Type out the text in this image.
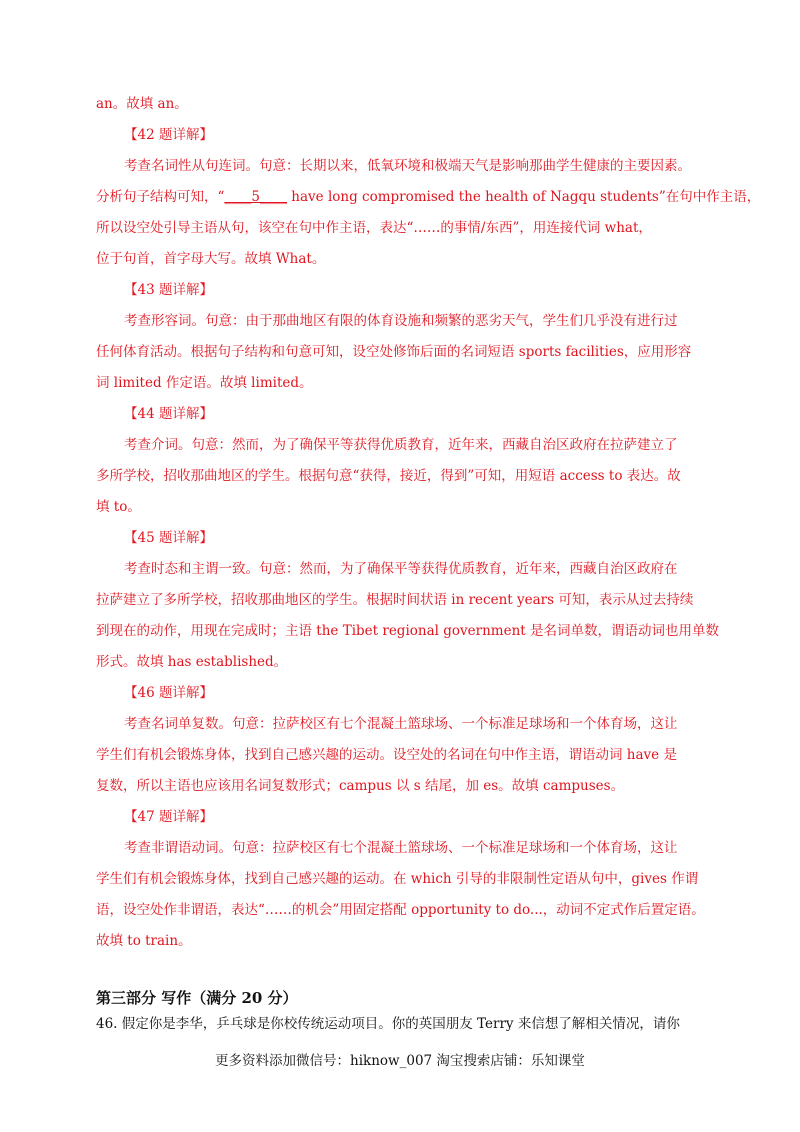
an。故填 an。
【42 题详解】
考查名词性从句连词。句意：长期以来，低氧环境和极端天气是影响那曲学生健康的主要因素。
分析句子结构可知，“____5____ have long compromised the health of Nagqu students”在句中作主语，
所以设空处引导主语从句，该空在句中作主语，表达“……的事情/东西”，用连接代词 what，
位于句首，首字母大写。故填 What。
【43 题详解】
考查形容词。句意：由于那曲地区有限的体育设施和频繁的恶劣天气，学生们几乎没有进行过
任何体育活动。根据句子结构和句意可知，设空处修饰后面的名词短语 sports facilities，应用形容
词 limited 作定语。故填 limited。
【44 题详解】
考查介词。句意：然而，为了确保平等获得优质教育，近年来，西藏自治区政府在拉萨建立了
多所学校，招收那曲地区的学生。根据句意“获得，接近，得到”可知，用短语 access to 表达。故
填 to。
【45 题详解】
考查时态和主谓一致。句意：然而，为了确保平等获得优质教育，近年来，西藏自治区政府在
拉萨建立了多所学校，招收那曲地区的学生。根据时间状语 in recent years 可知，表示从过去持续
到现在的动作，用现在完成时；主语 the Tibet regional government 是名词单数，谓语动词也用单数
形式。故填 has established。
【46 题详解】
考查名词单复数。句意：拉萨校区有七个混凝土篮球场、一个标准足球场和一个体育场，这让
学生们有机会锻炼身体，找到自己感兴趣的运动。设空处的名词在句中作主语，谓语动词 have 是
复数，所以主语也应该用名词复数形式；campus 以 s 结尾，加 es。故填 campuses。
【47 题详解】
考查非谓语动词。句意：拉萨校区有七个混凝土篮球场、一个标准足球场和一个体育场，这让
学生们有机会锻炼身体，找到自己感兴趣的运动。在 which 引导的非限制性定语从句中，gives 作谓
语，设空处作非谓语，表达“……的机会”用固定搭配 opportunity to do...，动词不定式作后置定语。
故填 to train。
第三部分 写作（满分 20 分）
46. 假定你是李华，乒乓球是你校传统运动项目。你的英国朋友 Terry 来信想了解相关情况，请你
更多资料添加微信号：hiknow_007 淘宝搜索店铺：乐知课堂
